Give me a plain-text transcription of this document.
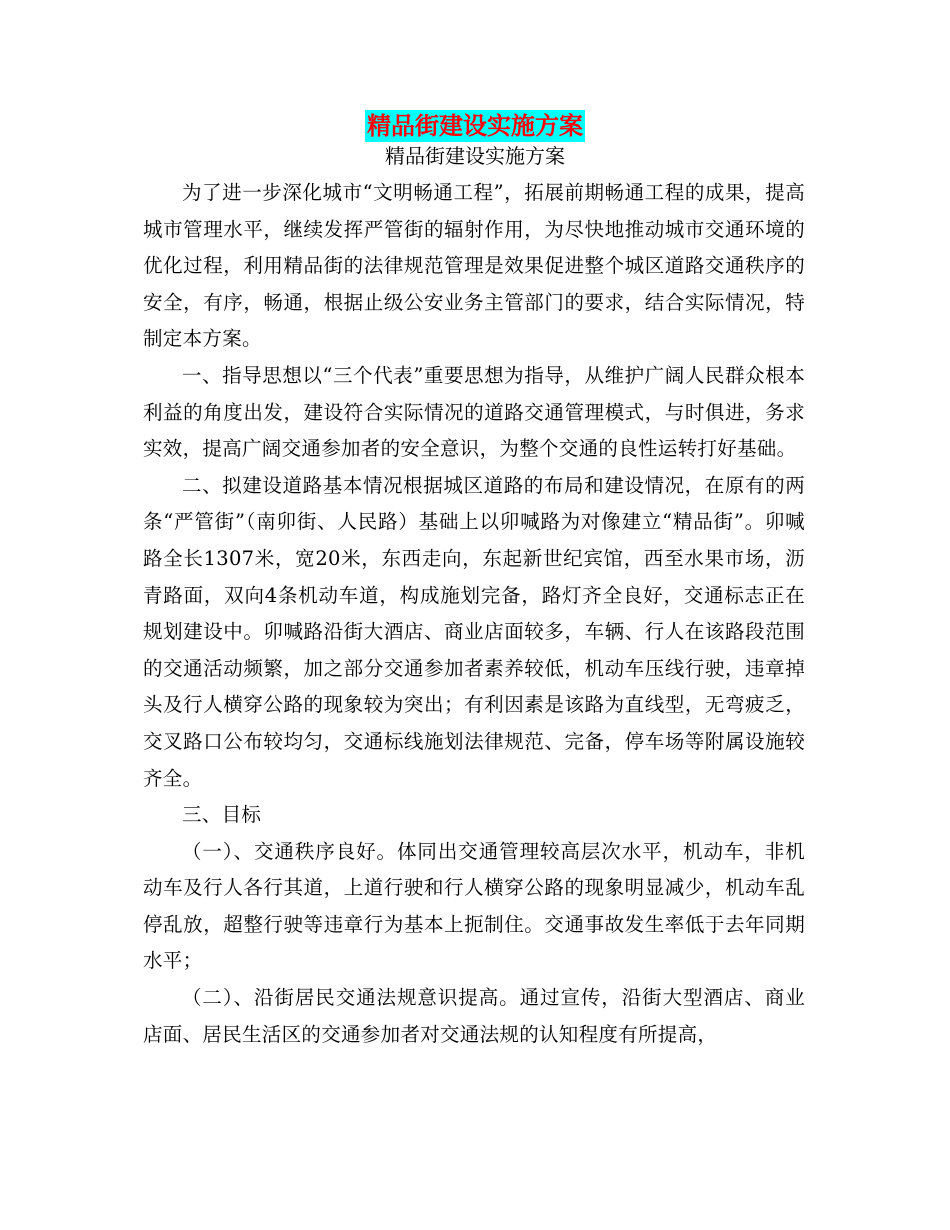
精品街建设实施方案
精品街建设实施方案

为了进一步深化城市“文明畅通工程”，拓展前期畅通工程的成果，提高城市管理水平，继续发挥严管街的辐射作用，为尽快地推动城市交通环境的优化过程，利用精品街的法律规范管理是效果促进整个城区道路交通秩序的安全，有序，畅通，根据止级公安业务主管部门的要求，结合实际情况，特制定本方案。

一、指导思想以“三个代表”重要思想为指导，从维护广阔人民群众根本利益的角度出发，建设符合实际情况的道路交通管理模式，与时俱进，务求实效，提高广阔交通参加者的安全意识，为整个交通的良性运转打好基础。

二、拟建设道路基本情况根据城区道路的布局和建设情况，在原有的两条“严管街”（南卯街、人民路）基础上以卯喊路为对像建立“精品街”。卯喊路全长1307米，宽20米，东西走向，东起新世纪宾馆，西至水果市场，沥青路面，双向4条机动车道，构成施划完备，路灯齐全良好，交通标志正在规划建设中。卯喊路沿街大酒店、商业店面较多，车辆、行人在该路段范围的交通活动频繁，加之部分交通参加者素养较低，机动车压线行驶，违章掉头及行人横穿公路的现象较为突出；有利因素是该路为直线型，无弯疲乏，交叉路口公布较均匀，交通标线施划法律规范、完备，停车场等附属设施较齐全。

三、目标

（一）、交通秩序良好。体同出交通管理较高层次水平，机动车，非机动车及行人各行其道，上道行驶和行人横穿公路的现象明显减少，机动车乱停乱放，超整行驶等违章行为基本上扼制住。交通事故发生率低于去年同期水平；

（二）、沿街居民交通法规意识提高。通过宣传，沿街大型酒店、商业店面、居民生活区的交通参加者对交通法规的认知程度有所提高，
